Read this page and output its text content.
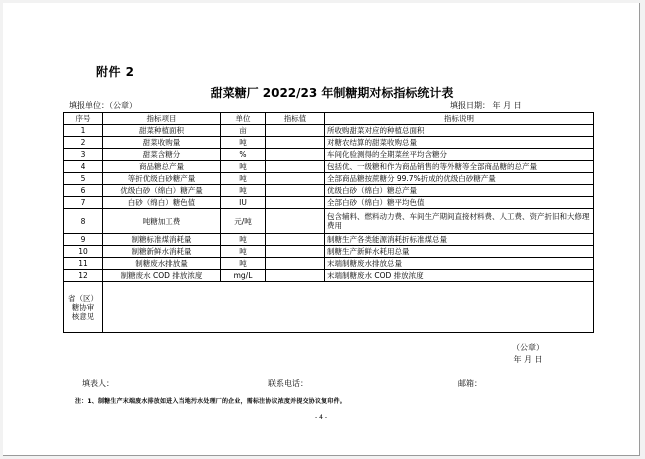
附件 2
甜菜糖厂 2022/23 年制糖期对标指标统计表
填报单位：（公章）	填报日期： 年 月 日
序号	指标项目	单位	指标值	指标说明
1	甜菜种植面积	亩		所收购甜菜对应的种植总面积
2	甜菜收购量	吨		对糖农结算的甜菜收购总量
3	甜菜含糖分	%		车间化验测得的全期菜丝平均含糖分
4	商品糖总产量	吨		包括优、一级糖和作为商品销售的等外糖等全部商品糖的总产量
5	等折优级白砂糖产量	吨		全部商品糖按蔗糖分 99.7%折成的优级白砂糖产量
6	优级白砂（绵白）糖产量	吨		优级白砂（绵白）糖总产量
7	白砂（绵白）糖色值	IU		全部白砂（绵白）糖平均色值
8	吨糖加工费	元/吨		包含辅料、燃料动力费、车间生产期间直接材料费、人工费、资产折旧和大修理费用
9	制糖标准煤消耗量	吨		制糖生产各类能源消耗折标准煤总量
10	制糖新鲜水消耗量	吨		制糖生产新鲜水耗用总量
11	制糖废水排放量	吨		末端制糖废水排放总量
12	制糖废水 COD 排放浓度	mg/L		末端制糖废水 COD 排放浓度

省（区）
糖协审
核意见				

（公章）
年 月 日
填表人：	联系电话：	邮箱：
注：1、制糖生产末端废水排放如进入当地污水处理厂的企业，需标注协议浓度并提交协议复印件。
- 4 -
